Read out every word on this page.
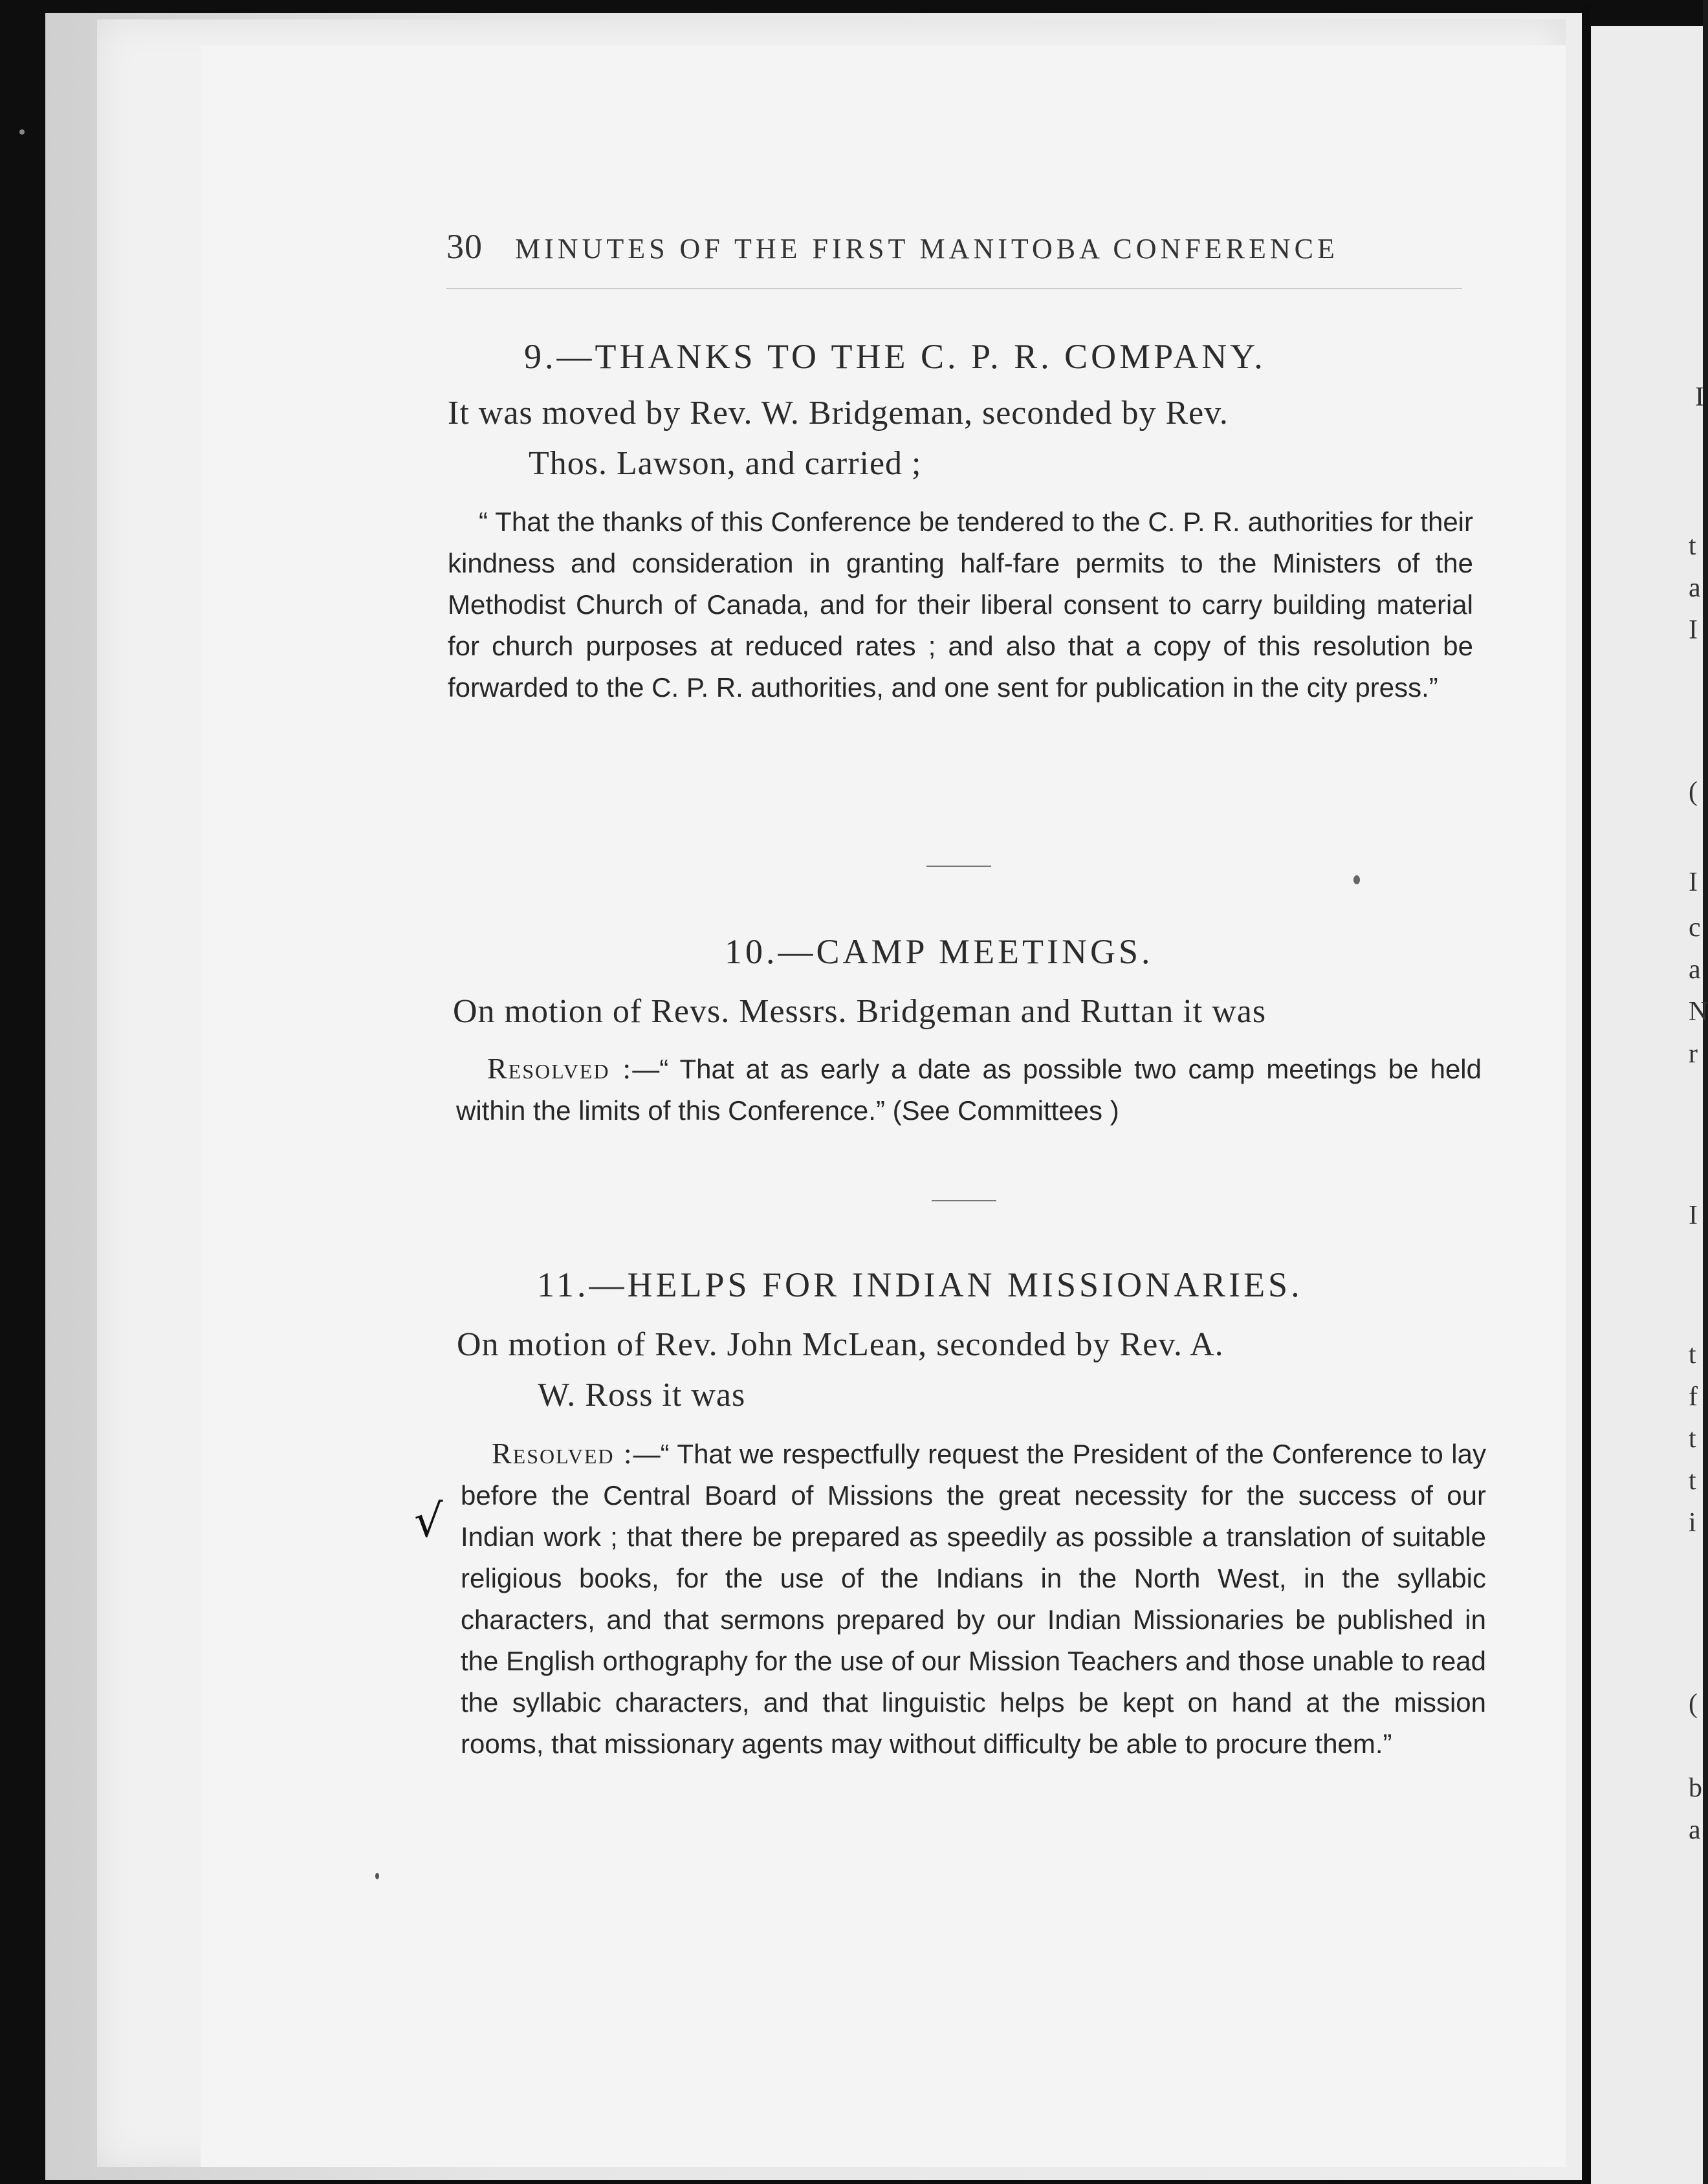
I
t
a
I
(
I
c
a
N
r
I
t
f
t
t
i
(
b
a
30 MINUTES OF THE FIRST MANITOBA CONFERENCE
9.—THANKS TO THE C. P. R. COMPANY.
It was moved by Rev. W. Bridgeman, seconded by Rev.
Thos. Lawson, and carried ;
“ That the thanks of this Conference be tendered to the C. P. R. authorities for their kindness and consideration in granting half-fare permits to the Ministers of the Methodist Church of Canada, and for their liberal consent to carry building material for church purposes at reduced rates ; and also that a copy of this resolution be forwarded to the C. P. R. authorities, and one sent for publication in the city press.”
10.—CAMP MEETINGS.
On motion of Revs. Messrs. Bridgeman and Ruttan it was
Resolved :—“ That at as early a date as possible two camp meetings be held within the limits of this Conference.” (See Committees )
11.—HELPS FOR INDIAN MISSIONARIES.
On motion of Rev. John McLean, seconded by Rev. A.
W. Ross it was
Resolved :—“ That we respectfully request the President of the Conference to lay before the Central Board of Missions the great necessity for the success of our Indian work ; that there be prepared as speedily as possible a translation of suitable religious books, for the use of the Indians in the North West, in the syllabic characters, and that sermons prepared by our Indian Missionaries be published in the English orthography for the use of our Mission Teachers and those unable to read the syllabic characters, and that linguistic helps be kept on hand at the mission rooms, that missionary agents may without difficulty be able to procure them.”
√
